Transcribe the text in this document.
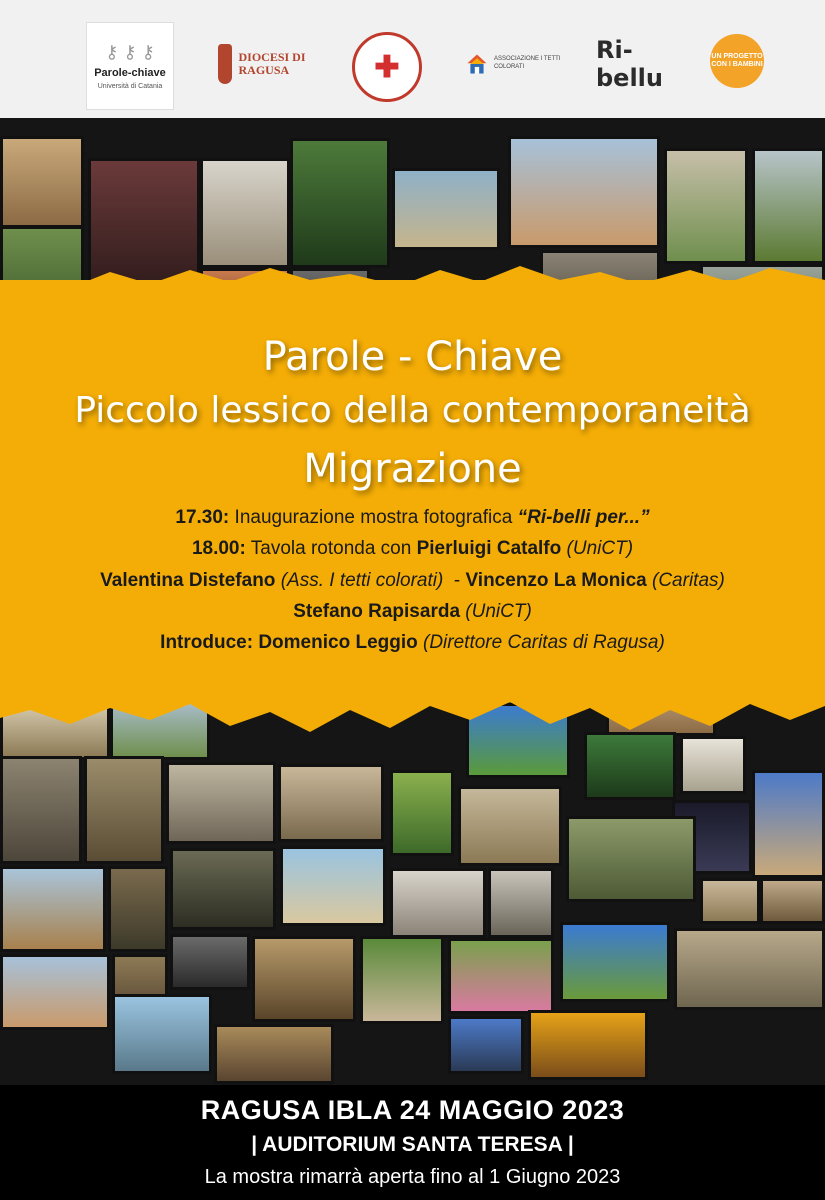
⚷ ⚷ ⚷
Parole-chiave
Università di Catania
DIOCESI DI RAGUSA	✚	ASSOCIAZIONE I TETTI COLORATI
Ri-bellu
UN PROGETTO CON I BAMBINI
Parole - Chiave
Piccolo lessico della contemporaneità
Migrazione
17.30: Inaugurazione mostra fotografica “Ri-belli per...”
18.00: Tavola rotonda con Pierluigi Catalfo (UniCT)
Valentina Distefano (Ass. I tetti colorati)  - Vincenzo La Monica (Caritas)
Stefano Rapisarda (UniCT)
Introduce: Domenico Leggio (Direttore Caritas di Ragusa)
RAGUSA IBLA 24 MAGGIO 2023
| AUDITORIUM SANTA TERESA |
La mostra rimarrà aperta fino al 1 Giugno 2023
